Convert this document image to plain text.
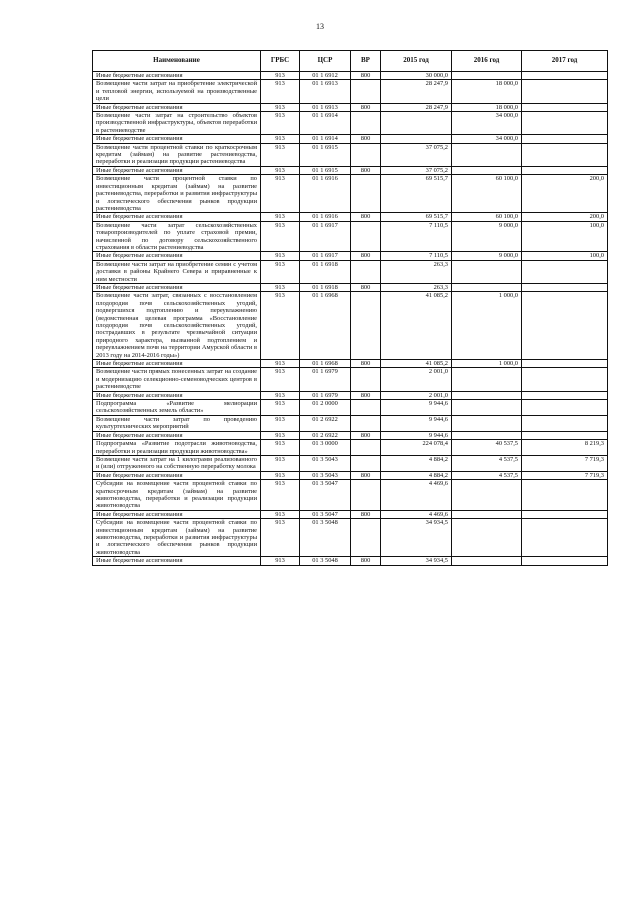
13
Наименование	ГРБС	ЦСР	ВР	2015 год	2016 год	2017 год
Иные бюджетные ассигнования	913	01 1 6912	800	30 000,0		
Возмещение части затрат на приобретение электрической и тепловой энергии, используемой на производственные цели	913	01 1 6913		28 247,9	18 000,0	
Иные бюджетные ассигнования	913	01 1 6913	800	28 247,9	18 000,0	
Возмещение части затрат на строительство объектов производственной инфраструктуры, объектов переработки в растениеводстве	913	01 1 6914			34 000,0	
Иные бюджетные ассигнования	913	01 1 6914	800		34 000,0	
Возмещение части процентной ставки по краткосрочным кредитам (займам) на развитие растениеводства, переработки и реализации продукции растениеводства	913	01 1 6915		37 075,2		
Иные бюджетные ассигнования	913	01 1 6915	800	37 075,2		
Возмещение части процентной ставки по инвестиционным кредитам (займам) на развитие растениеводства, переработки и развития инфраструктуры и логистического обеспечения рынков продукции растениеводства	913	01 1 6916		69 515,7	60 100,0	200,0
Иные бюджетные ассигнования	913	01 1 6916	800	69 515,7	60 100,0	200,0
Возмещение части затрат сельскохозяйственных товаропроизводителей по уплате страховой премии, начисленной по договору сельскохозяйственного страхования в области растениеводства	913	01 1 6917		7 110,5	9 000,0	100,0
Иные бюджетные ассигнования	913	01 1 6917	800	7 110,5	9 000,0	100,0
Возмещение части затрат на приобретение семян с учетом доставки в районы Крайнего Севера и приравненные к ним местности	913	01 1 6918		263,3		
Иные бюджетные ассигнования	913	01 1 6918	800	263,3		
Возмещение части затрат, связанных с восстановлением плодородия почв сельскохозяйственных угодий, подвергшихся подтоплению и переувлажнению (ведомственная целевая программа «Восстановление плодородия почв сельскохозяйственных угодий, пострадавших в результате чрезвычайной ситуации природного характера, вызванной подтоплением и переувлажнением почв на территории Амурской области в 2013 году на 2014-2016 годы»)	913	01 1 6968		41 085,2	1 000,0	
Иные бюджетные ассигнования	913	01 1 6968	800	41 085,2	1 000,0	
Возмещение части прямых понесенных затрат на создание и модернизацию селекционно-семеноводческих центров в растениеводстве	913	01 1 6979		2 001,0		
Иные бюджетные ассигнования	913	01 1 6979	800	2 001,0		
Подпрограмма «Развитие мелиорации сельскохозяйственных земель области»	913	01 2 0000		9 944,6		
Возмещение части затрат по проведению культуртехнических мероприятий	913	01 2 6922		9 944,6		
Иные бюджетные ассигнования	913	01 2 6922	800	9 944,6		
Подпрограмма «Развитие подотрасли животноводства, переработки и реализации продукции животноводства»	913	01 3 0000		224 078,4	40 537,5	8 219,3
Возмещение части затрат на 1 килограмм реализованного и (или) отгруженного на собственную переработку молока	913	01 3 5043		4 884,2	4 537,5	7 719,3
Иные бюджетные ассигнования	913	01 3 5043	800	4 884,2	4 537,5	7 719,3
Субсидии на возмещение части процентной ставки по краткосрочным кредитам (займам) на развитие животноводства, переработки и реализации продукции животноводства	913	01 3 5047		4 469,6		
Иные бюджетные ассигнования	913	01 3 5047	800	4 469,6		
Субсидии на возмещение части процентной ставки по инвестиционным кредитам (займам) на развитие животноводства, переработки и развития инфраструктуры и логистического обеспечения рынков продукции животноводства	913	01 3 5048		34 934,5		
Иные бюджетные ассигнования	913	01 3 5048	800	34 934,5		
